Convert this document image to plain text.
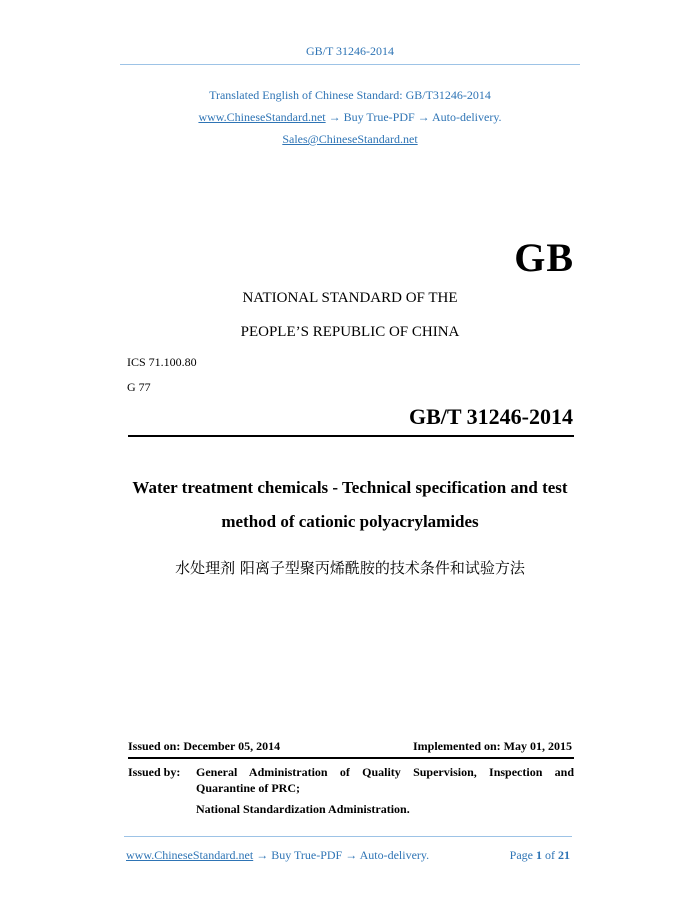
GB/T 31246-2014
Translated English of Chinese Standard: GB/T31246-2014
www.ChineseStandard.net → Buy True-PDF → Auto-delivery.
Sales@ChineseStandard.net
GB
NATIONAL STANDARD OF THE
PEOPLE’S REPUBLIC OF CHINA
ICS 71.100.80
G 77
GB/T 31246-2014
Water treatment chemicals - Technical specification and test
method of cationic polyacrylamides
水处理剂 阳离子型聚丙烯酰胺的技术条件和试验方法
Issued on: December 05, 2014	Implemented on: May 01, 2015
Issued by: General Administration of Quality Supervision, Inspection and
Quarantine of PRC;
National Standardization Administration.
www.ChineseStandard.net → Buy True-PDF → Auto-delivery.	Page 1 of 21
